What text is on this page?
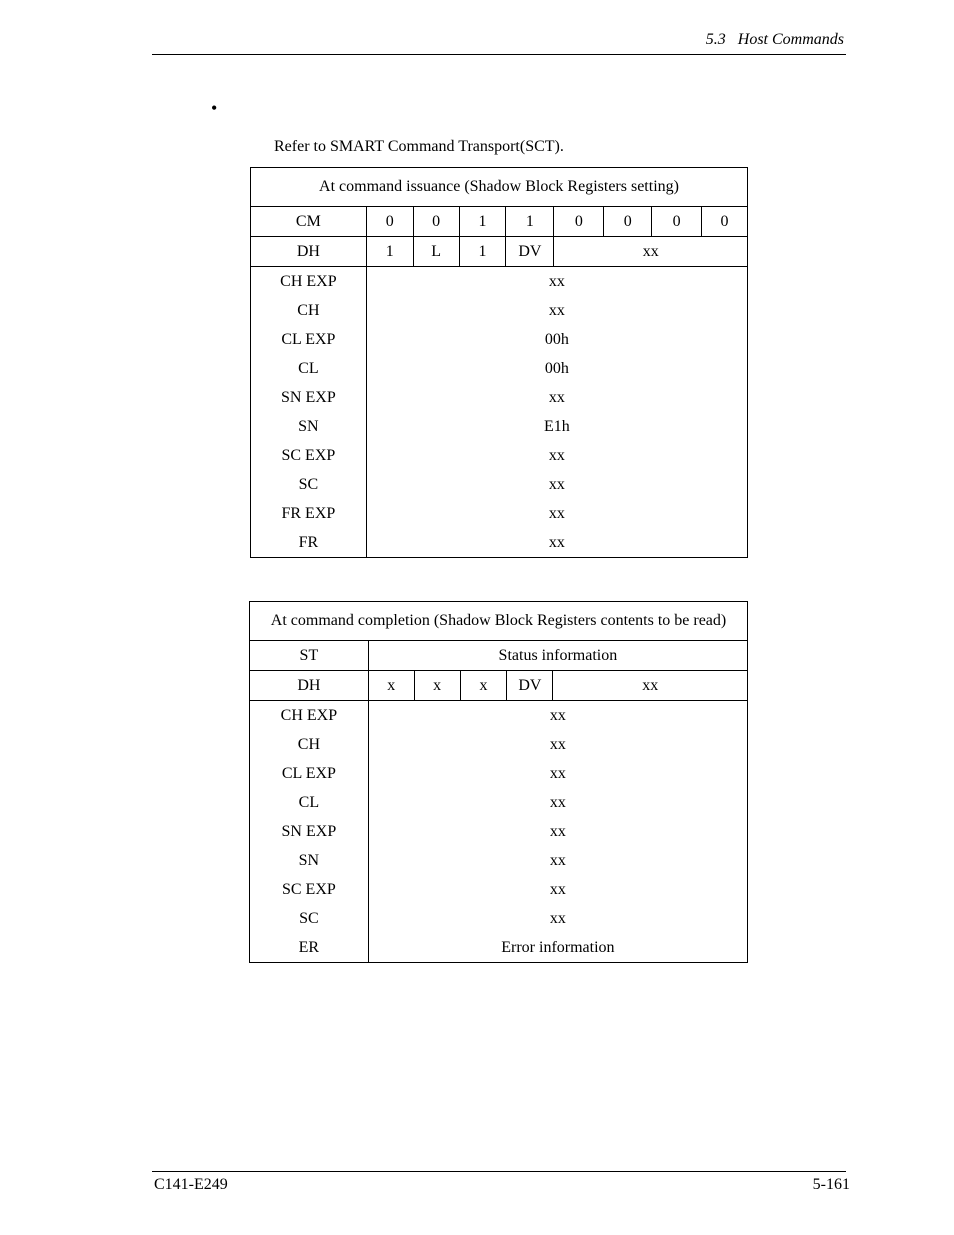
5.3   Host Commands
•
Refer to SMART Command Transport(SCT).
At command issuance (Shadow Block Registers setting)								
CM	0	0	1	1	0	0	0	0
DH	1	L	1	DV	xx			
CH EXP	xx							
CH	xx							
CL EXP	00h							
CL	00h							
SN EXP	xx							
SN	E1h							
SC EXP	xx							
SC	xx							
FR EXP	xx							
FR	xx							
At command completion (Shadow Block Registers contents to be read)					
ST	Status information				
DH	x	x	x	DV	xx
CH EXP	xx				
CH	xx				
CL EXP	xx				
CL	xx				
SN EXP	xx				
SN	xx				
SC EXP	xx				
SC	xx				
ER	Error information				
C141-E249	5-161
